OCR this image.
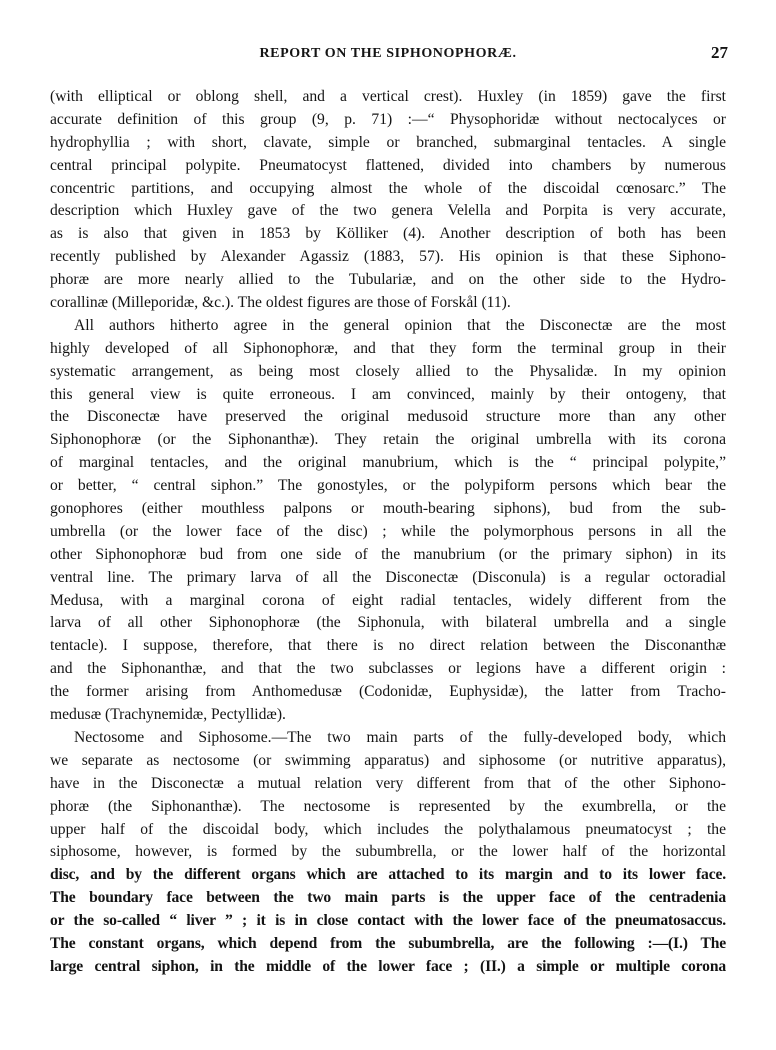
REPORT ON THE SIPHONOPHORÆ.	27
(with elliptical or oblong shell, and a vertical crest). Huxley (in 1859) gave the first
accurate definition of this group (9, p. 71) :—“ Physophoridæ without nectocalyces or
hydrophyllia ; with short, clavate, simple or branched, submarginal tentacles. A single
central principal polypite. Pneumatocyst flattened, divided into chambers by numerous
concentric partitions, and occupying almost the whole of the discoidal cœnosarc.” The
description which Huxley gave of the two genera Velella and Porpita is very accurate,
as is also that given in 1853 by Kölliker (4). Another description of both has been
recently published by Alexander Agassiz (1883, 57). His opinion is that these Siphono-
phoræ are more nearly allied to the Tubulariæ, and on the other side to the Hydro-
corallinæ (Milleporidæ, &c.). The oldest figures are those of Forskål (11).
All authors hitherto agree in the general opinion that the Disconectæ are the most
highly developed of all Siphonophoræ, and that they form the terminal group in their
systematic arrangement, as being most closely allied to the Physalidæ. In my opinion
this general view is quite erroneous. I am convinced, mainly by their ontogeny, that
the Disconectæ have preserved the original medusoid structure more than any other
Siphonophoræ (or the Siphonanthæ). They retain the original umbrella with its corona
of marginal tentacles, and the original manubrium, which is the “ principal polypite,”
or better, “ central siphon.” The gonostyles, or the polypiform persons which bear the
gonophores (either mouthless palpons or mouth-bearing siphons), bud from the sub-
umbrella (or the lower face of the disc) ; while the polymorphous persons in all the
other Siphonophoræ bud from one side of the manubrium (or the primary siphon) in its
ventral line. The primary larva of all the Disconectæ (Disconula) is a regular octoradial
Medusa, with a marginal corona of eight radial tentacles, widely different from the
larva of all other Siphonophoræ (the Siphonula, with bilateral umbrella and a single
tentacle). I suppose, therefore, that there is no direct relation between the Disconanthæ
and the Siphonanthæ, and that the two subclasses or legions have a different origin :
the former arising from Anthomedusæ (Codonidæ, Euphysidæ), the latter from Tracho-
medusæ (Trachynemidæ, Pectyllidæ).
Nectosome and Siphosome.—The two main parts of the fully-developed body, which
we separate as nectosome (or swimming apparatus) and siphosome (or nutritive apparatus),
have in the Disconectæ a mutual relation very different from that of the other Siphono-
phoræ (the Siphonanthæ). The nectosome is represented by the exumbrella, or the
upper half of the discoidal body, which includes the polythalamous pneumatocyst ; the
siphosome, however, is formed by the subumbrella, or the lower half of the horizontal
disc, and by the different organs which are attached to its margin and to its lower face.
The boundary face between the two main parts is the upper face of the centradenia
or the so-called “ liver ” ; it is in close contact with the lower face of the pneumatosaccus.
The constant organs, which depend from the subumbrella, are the following :—(I.) The
large central siphon, in the middle of the lower face ; (II.) a simple or multiple corona
